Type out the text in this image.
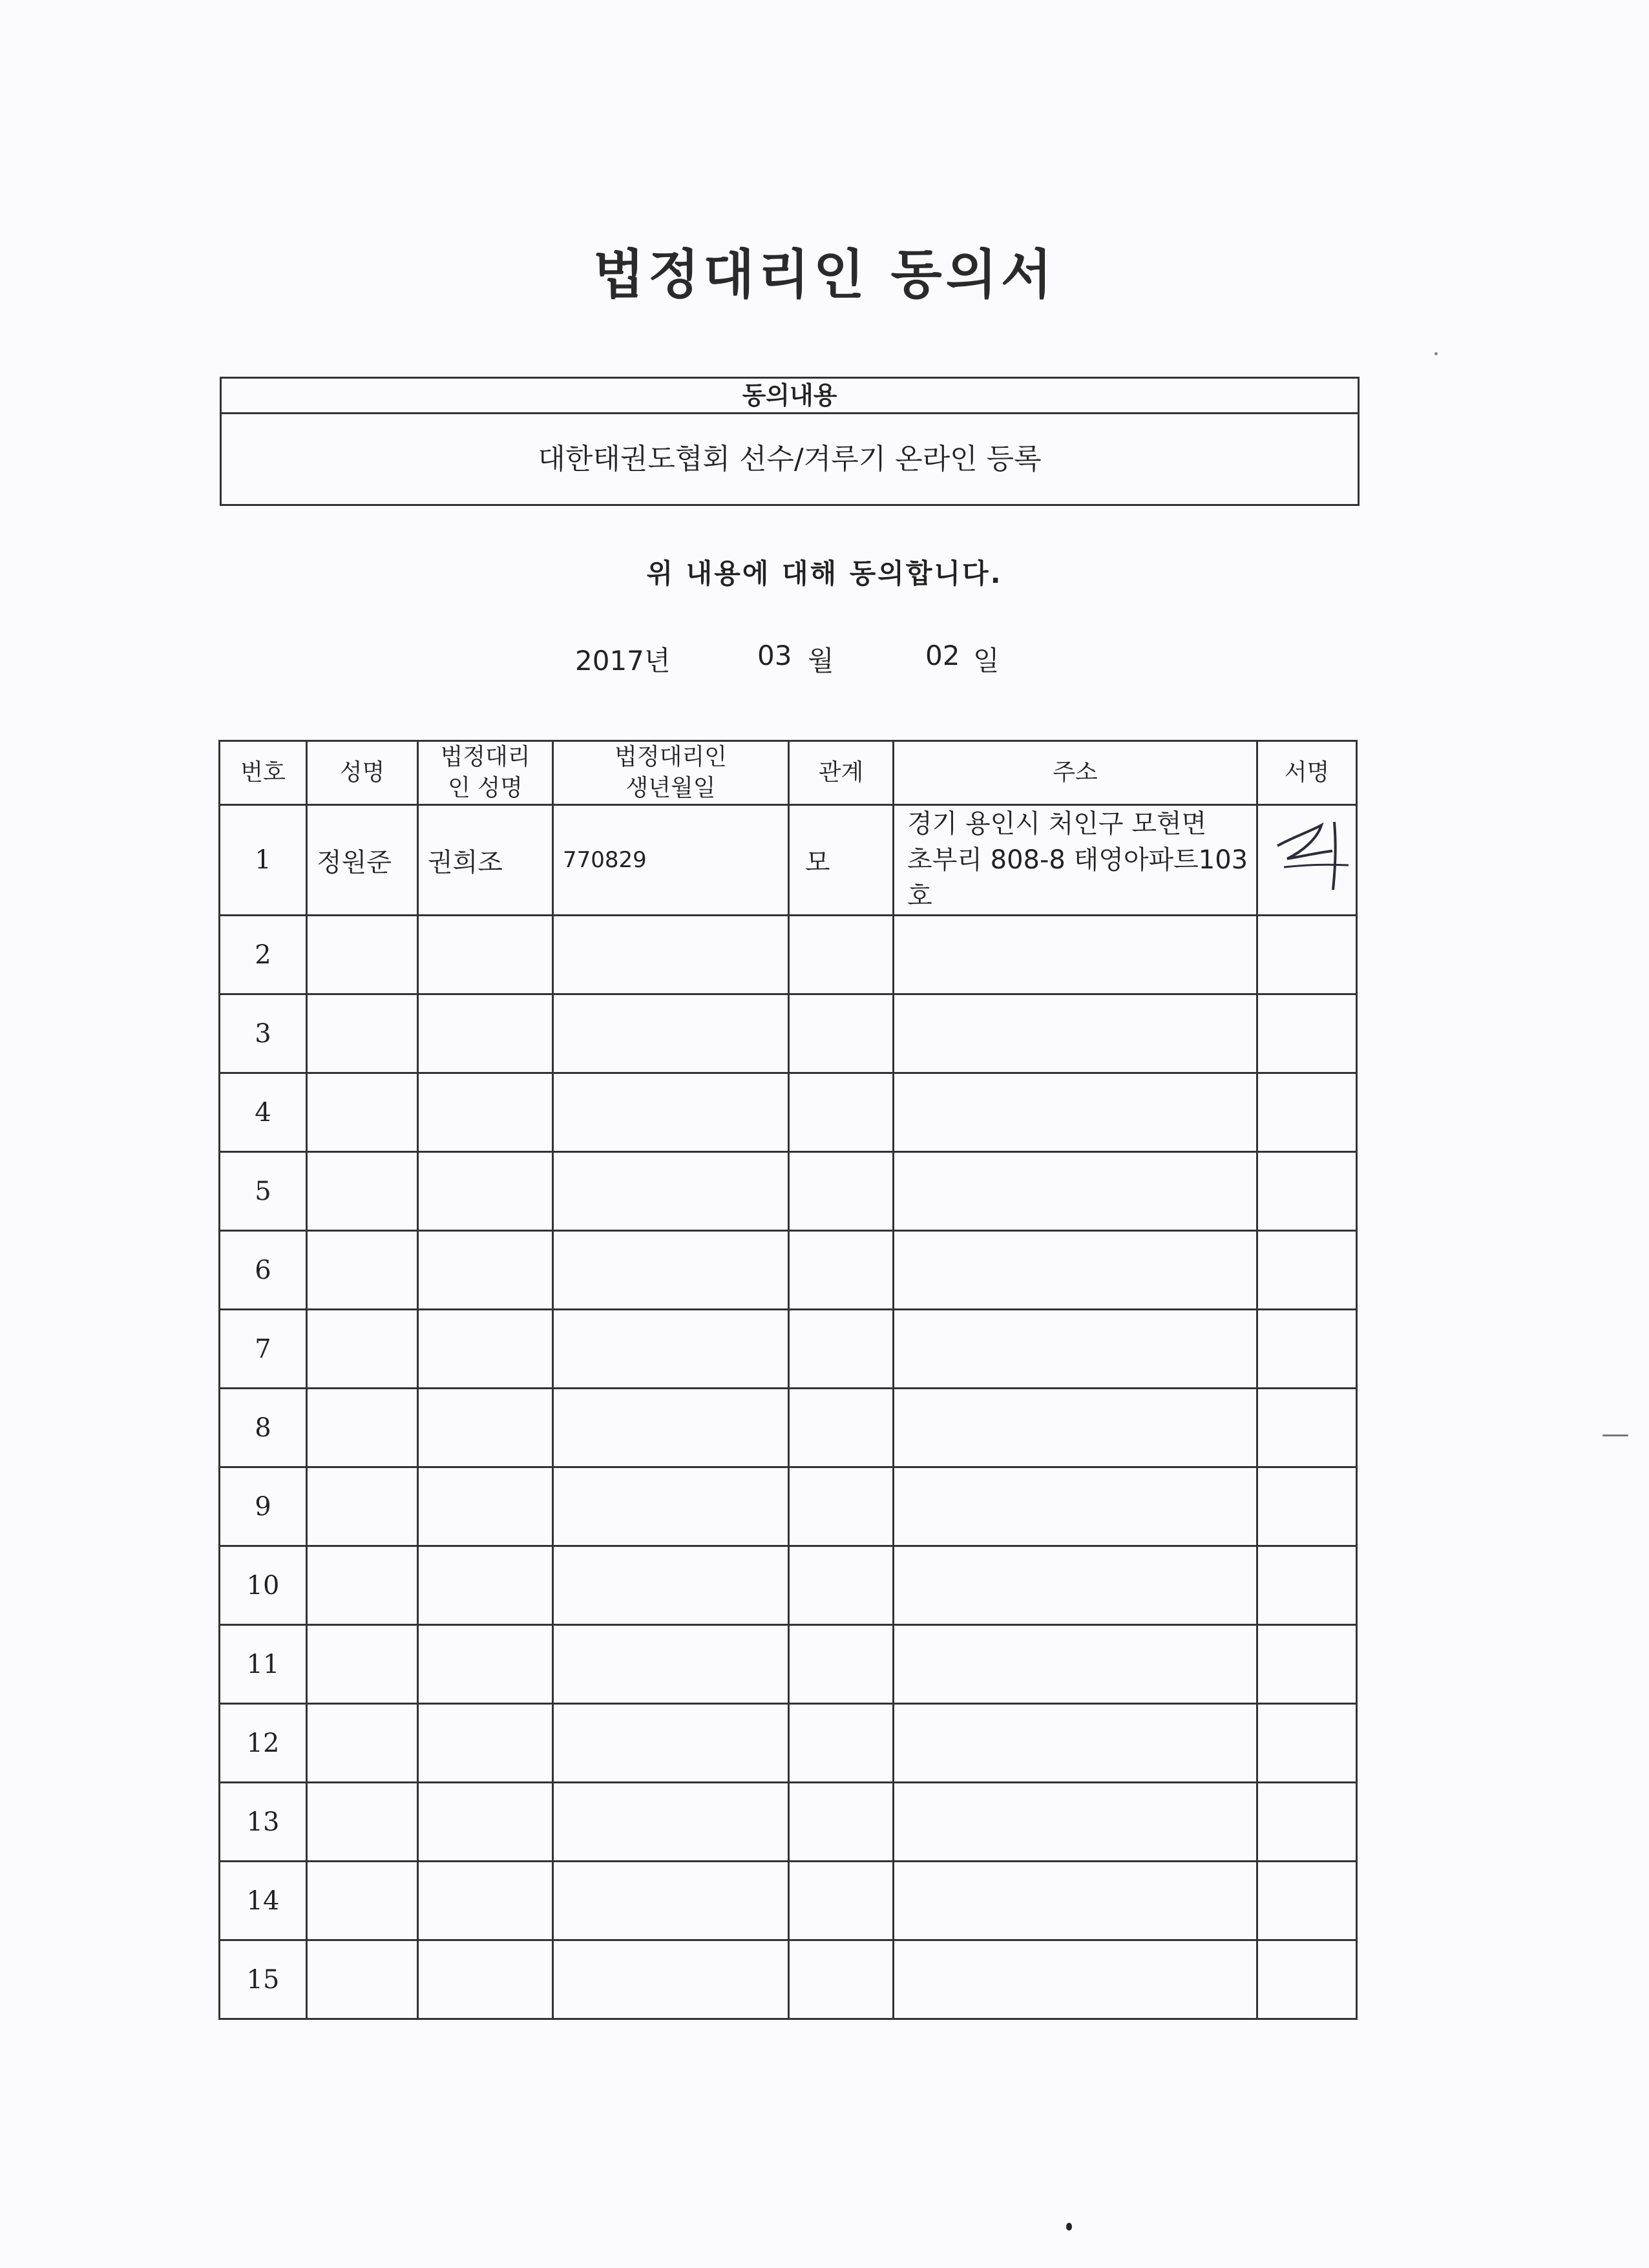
법정대리인 동의서
동의내용
대한태권도협회 선수/겨루기 온라인 등록
위 내용에 대해 동의합니다.
2017년	03 월	02 일
번호	성명	법정대리인 성명	법정대리인 생년월일	관계	주소	서명
1	정원준	권희조	770829	모	경기 용인시 처인구 모현면
초부리 808-8 태영아파트103호

2						
3						
4						
5						
6						
7						
8						
9						
10						
11						
12						
13						
14						
15						
